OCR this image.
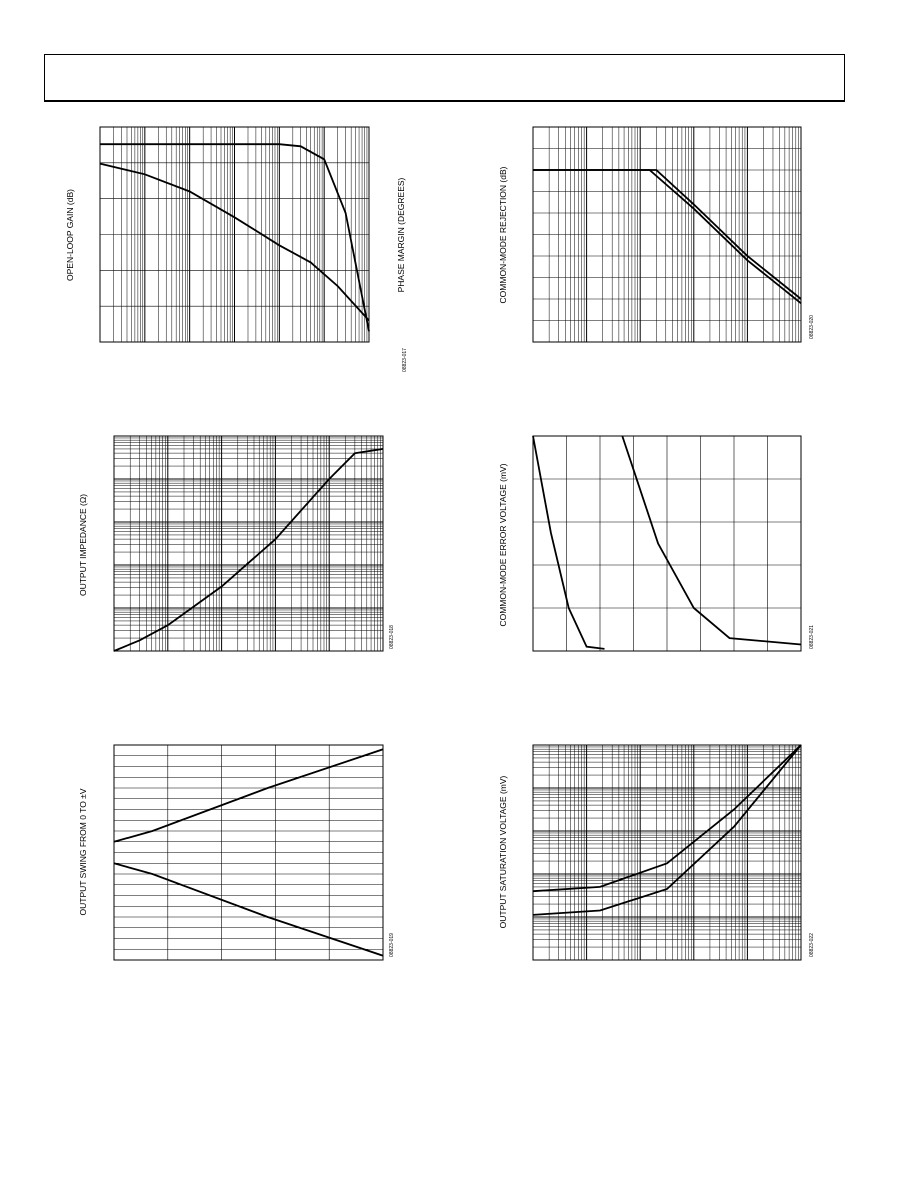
OPEN-LOOP GAIN (dB)	PHASE MARGIN (DEGREES)
08823-017
COMMON-MODE REJECTION (dB)
08823-020
OUTPUT IMPEDANCE (Ω)
08823-018
COMMON-MODE ERROR VOLTAGE (mV)
08823-021
OUTPUT SWING FROM 0 TO ±V
08823-019
OUTPUT SATURATION VOLTAGE (mV)
08823-022
